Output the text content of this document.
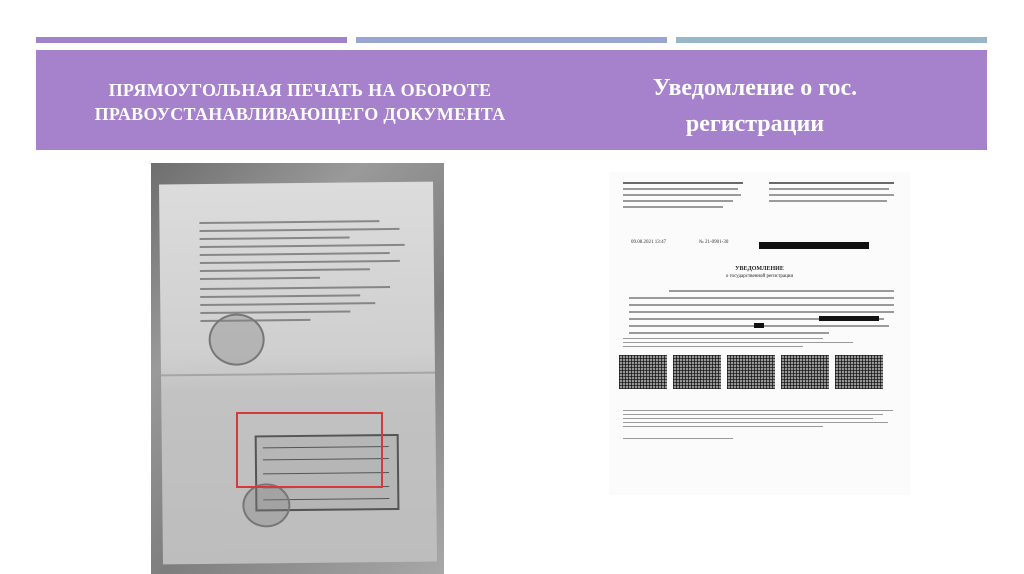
ПРЯМОУГОЛЬНАЯ ПЕЧАТЬ НА ОБОРОТЕ ПРАВОУСТАНАВЛИВАЮЩЕГО ДОКУМЕНТА
Уведомление о гос. регистрации
09.08.2021 13:47	№ 21-0901-30
УВЕДОМЛЕНИЕ
о государственной регистрации
